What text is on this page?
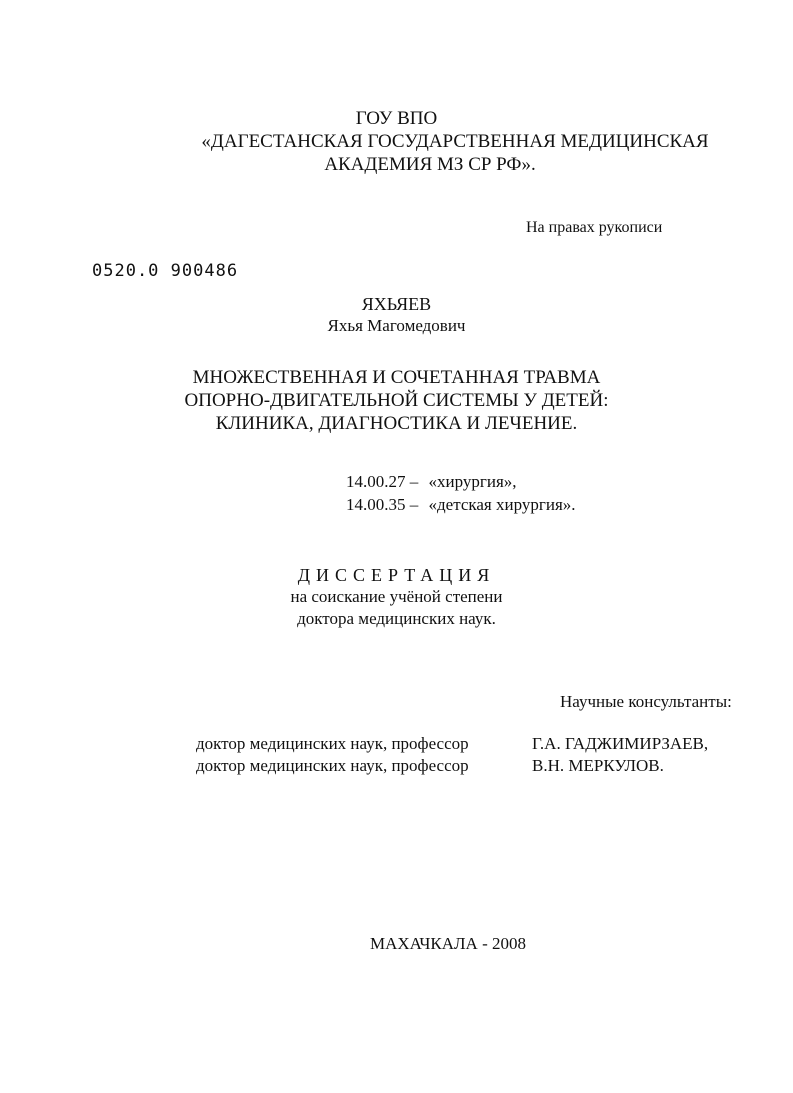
ГОУ ВПО
«ДАГЕСТАНСКАЯ ГОСУДАРСТВЕННАЯ МЕДИЦИНСКАЯ
АКАДЕМИЯ МЗ СР РФ».
На правах рукописи
0520.0 900486
ЯХЬЯЕВ
Яхья Магомедович
МНОЖЕСТВЕННАЯ И СОЧЕТАННАЯ ТРАВМА
ОПОРНО-ДВИГАТЕЛЬНОЙ СИСТЕМЫ У ДЕТЕЙ:
КЛИНИКА, ДИАГНОСТИКА И ЛЕЧЕНИЕ.
14.00.27 – «хирургия»,
14.00.35 – «детская хирургия».
ДИССЕРТАЦИЯ
на соискание учёной степени
доктора медицинских наук.
Научные консультанты:
доктор медицинских наук, профессор	Г.А. ГАДЖИМИРЗАЕВ,
доктор медицинских наук, профессор	В.Н. МЕРКУЛОВ.
МАХАЧКАЛА - 2008
